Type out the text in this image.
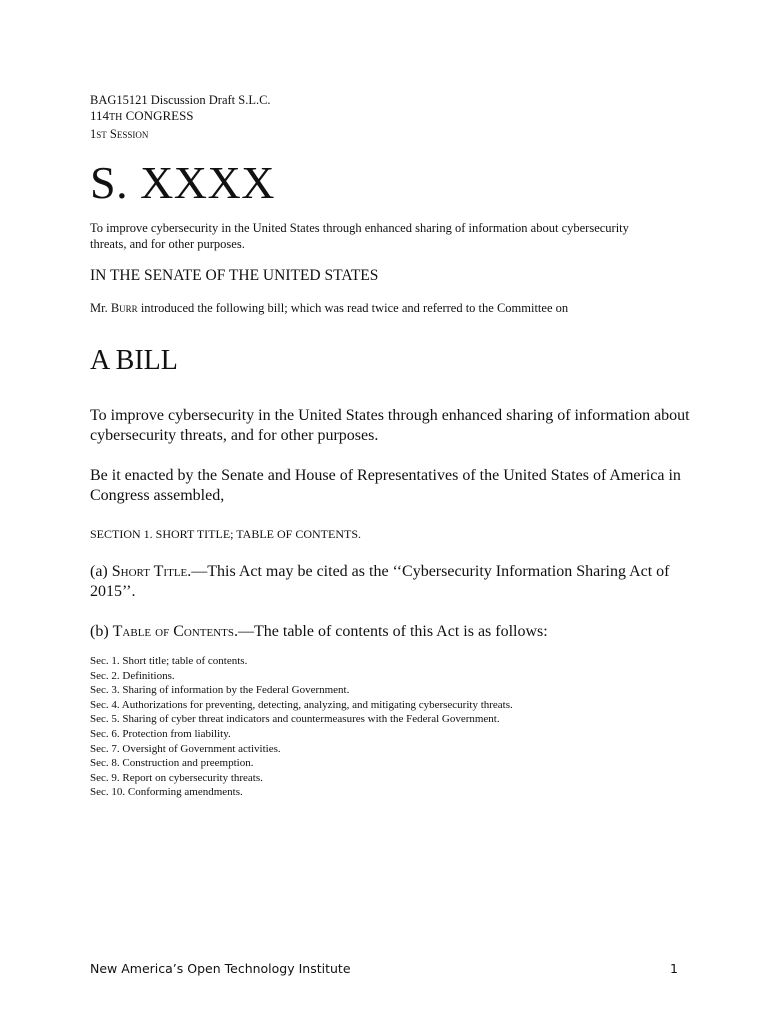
BAG15121 Discussion Draft S.L.C.

114TH CONGRESS

1st Session

S. XXXX

To improve cybersecurity in the United States through enhanced sharing of information about cybersecurity threats, and for other purposes.

IN THE SENATE OF THE UNITED STATES

Mr. Burr introduced the following bill; which was read twice and referred to the Committee on

A BILL

To improve cybersecurity in the United States through enhanced sharing of information about cybersecurity threats, and for other purposes.

Be it enacted by the Senate and House of Representatives of the United States of America in Congress assembled,

SECTION 1. SHORT TITLE; TABLE OF CONTENTS.

(a) Short Title.—This Act may be cited as the ‘‘Cybersecurity Information Sharing Act of 2015’’.

(b) Table of Contents.—The table of contents of this Act is as follows:

Sec. 1. Short title; table of contents.
Sec. 2. Definitions.
Sec. 3. Sharing of information by the Federal Government.
Sec. 4. Authorizations for preventing, detecting, analyzing, and mitigating cybersecurity threats.
Sec. 5. Sharing of cyber threat indicators and countermeasures with the Federal Government.
Sec. 6. Protection from liability.
Sec. 7. Oversight of Government activities.
Sec. 8. Construction and preemption.
Sec. 9. Report on cybersecurity threats.
Sec. 10. Conforming amendments.
New America’s Open Technology Institute	1
